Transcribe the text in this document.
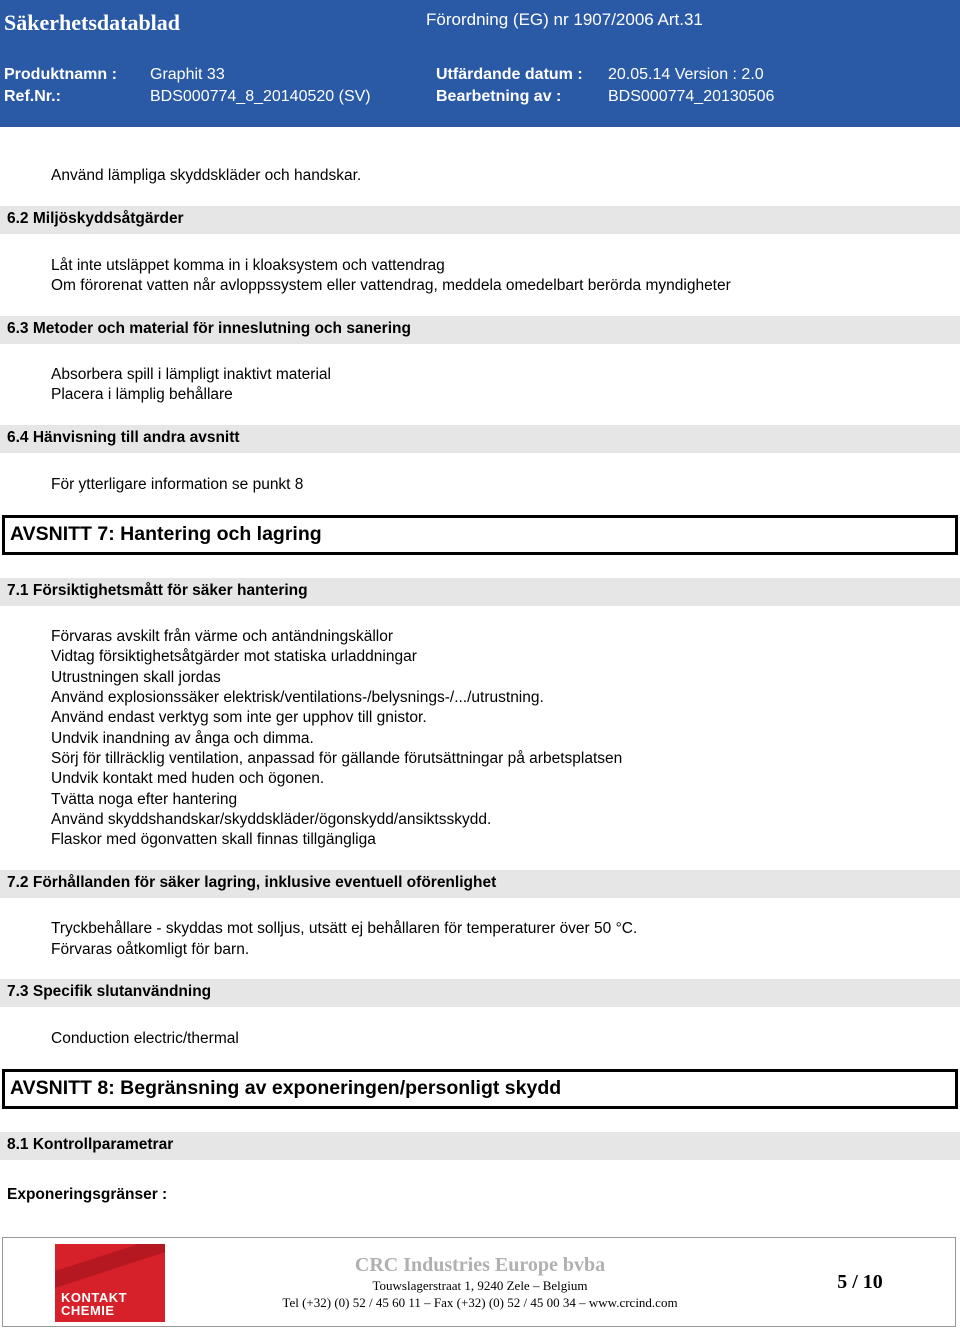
Säkerhetsdatablad	Förordning (EG) nr 1907/2006 Art.31
Produktnamn : Graphit 33	Utfärdande datum : 20.05.14 Version : 2.0
Ref.Nr.:	BDS000774_8_20140520 (SV)	Bearbetning av :	BDS000774_20130506
Använd lämpliga skyddskläder och handskar.
6.2 Miljöskyddsåtgärder
Låt inte utsläppet komma in i kloaksystem och vattendrag
Om förorenat vatten når avloppssystem eller vattendrag, meddela omedelbart berörda myndigheter
6.3 Metoder och material för inneslutning och sanering
Absorbera spill i lämpligt inaktivt material
Placera i lämplig behållare
6.4 Hänvisning till andra avsnitt
För ytterligare information se punkt 8
AVSNITT 7: Hantering och lagring
7.1 Försiktighetsmått för säker hantering
Förvaras avskilt från värme och antändningskällor
Vidtag försiktighetsåtgärder mot statiska urladdningar
Utrustningen skall jordas
Använd explosionssäker elektrisk/ventilations-/belysnings-/.../utrustning.
Använd endast verktyg som inte ger upphov till gnistor.
Undvik inandning av ånga och dimma.
Sörj för tillräcklig ventilation, anpassad för gällande förutsättningar på arbetsplatsen
Undvik kontakt med huden och ögonen.
Tvätta noga efter hantering
Använd skyddshandskar/skyddskläder/ögonskydd/ansiktsskydd.
Flaskor med ögonvatten skall finnas tillgängliga
7.2 Förhållanden för säker lagring, inklusive eventuell oförenlighet
Tryckbehållare - skyddas mot solljus, utsätt ej behållaren för temperaturer över 50 °C.
Förvaras oåtkomligt för barn.
7.3 Specifik slutanvändning
Conduction electric/thermal
AVSNITT 8: Begränsning av exponeringen/personligt skydd
8.1 Kontrollparametrar
Exponeringsgränser :
KONTAKT
CHEMIE
CRC Industries Europe bvba
Touwslagerstraat 1, 9240 Zele – Belgium
Tel (+32) (0) 52 / 45 60 11 – Fax (+32) (0) 52 / 45 00 34 – www.crcind.com
5 / 10
